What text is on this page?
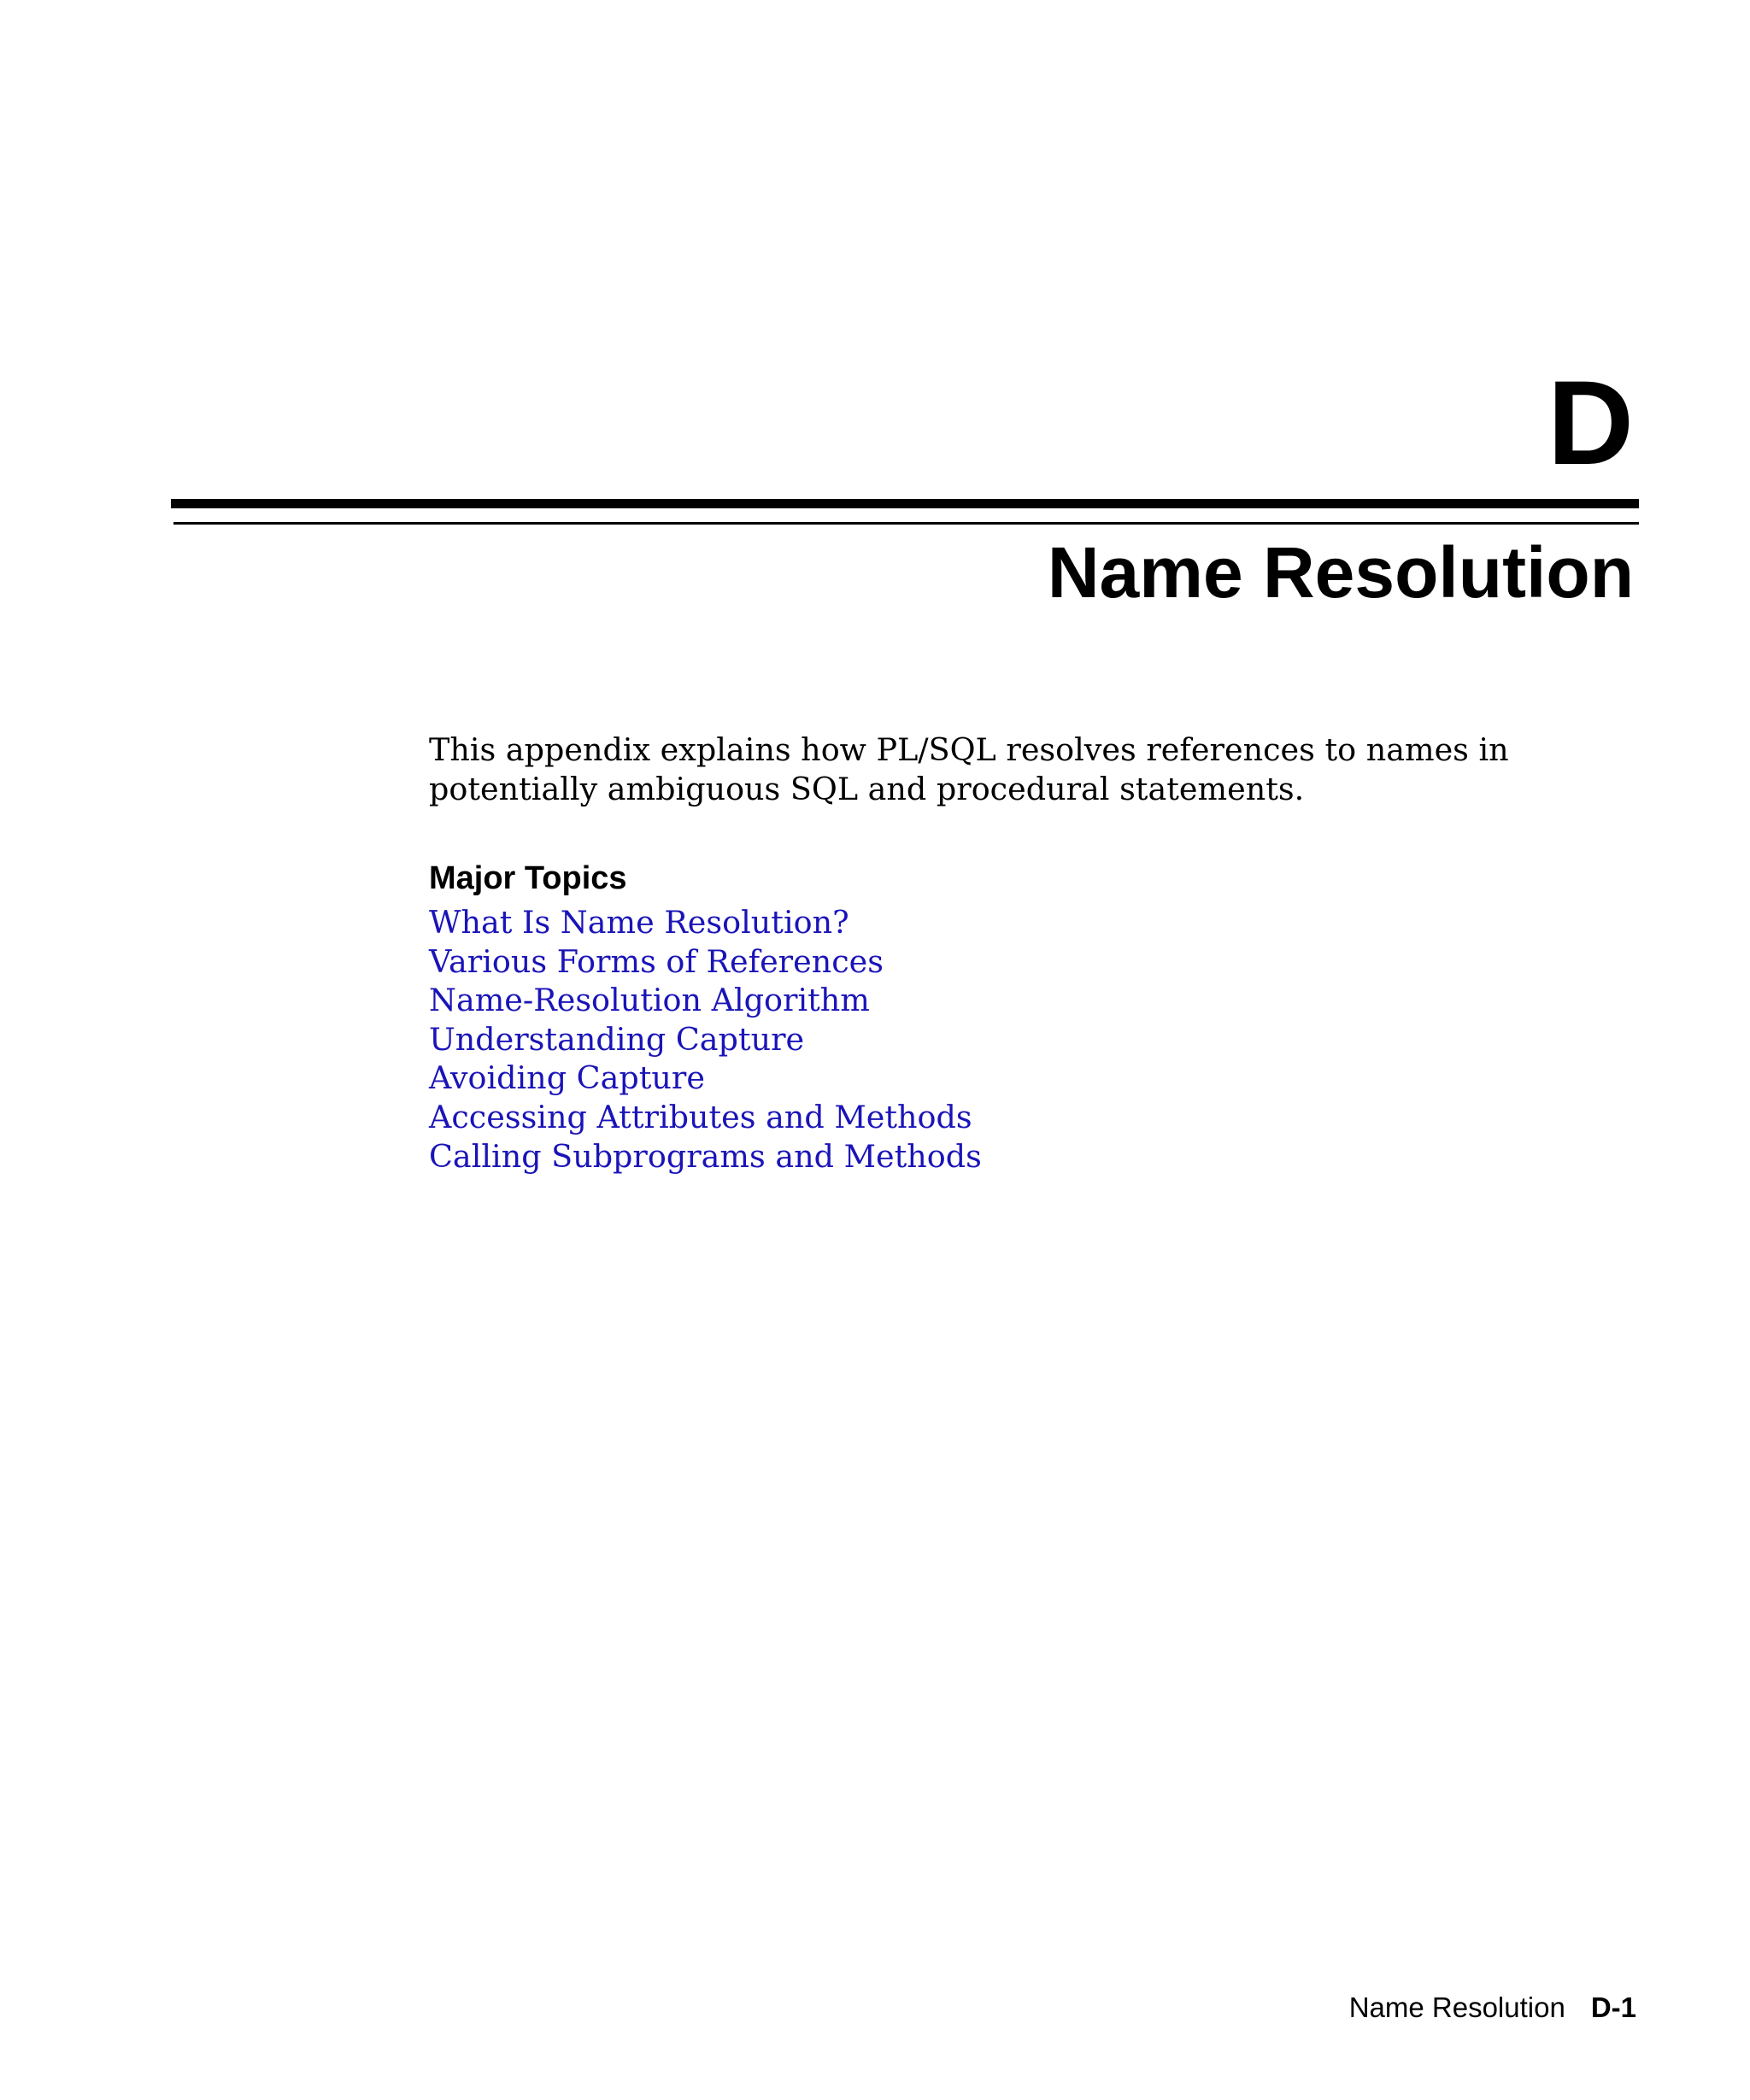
D
Name Resolution

This appendix explains how PL/SQL resolves references to names in potentially ambiguous SQL and procedural statements.

Major Topics
What Is Name Resolution?
Various Forms of References
Name-Resolution Algorithm
Understanding Capture
Avoiding Capture
Accessing Attributes and Methods
Calling Subprograms and Methods
Name Resolution D-1
